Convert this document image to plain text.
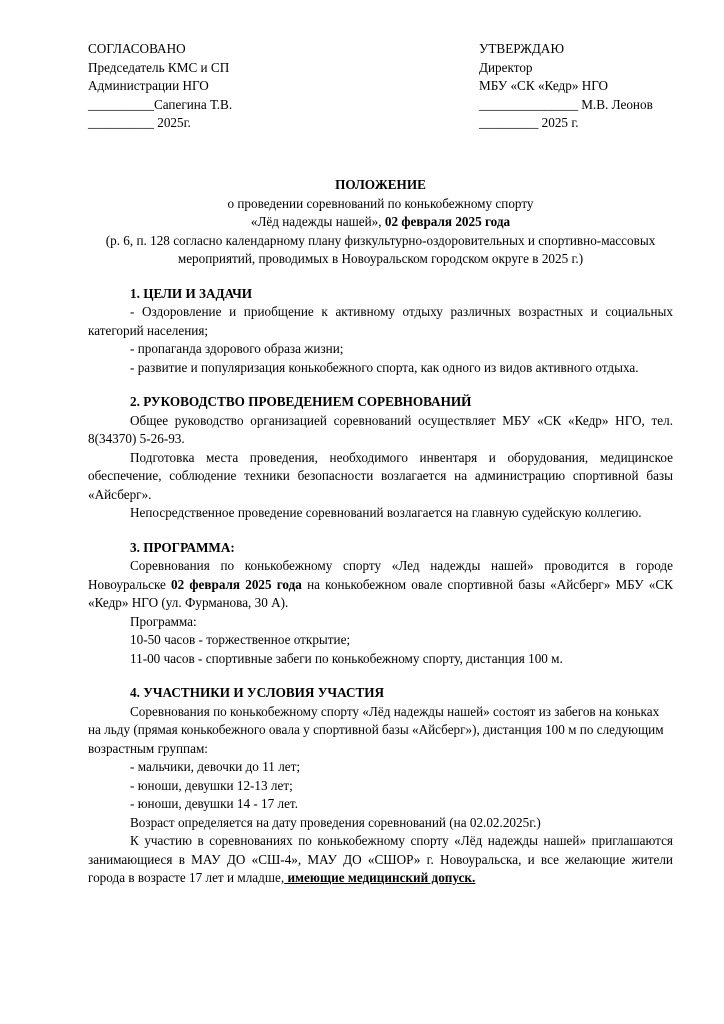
СОГЛАСОВАНО
Председатель КМС и СП
Администрации НГО
__________Сапегина Т.В.
__________ 2025г.
УТВЕРЖДАЮ
Директор
МБУ «СК «Кедр» НГО
_______________ М.В. Леонов
_________ 2025 г.
ПОЛОЖЕНИЕ
о проведении соревнований по конькобежному спорту
«Лёд надежды нашей», 02 февраля 2025 года
(р. 6, п. 128 согласно календарному плану физкультурно-оздоровительных и спортивно-массовых мероприятий, проводимых в Новоуральском городском округе в 2025 г.)

1. ЦЕЛИ И ЗАДАЧИ

- Оздоровление и приобщение к активному отдыху различных возрастных и социальных категорий населения;

- пропаганда здорового образа жизни;

- развитие и популяризация конькобежного спорта, как одного из видов активного отдыха.

2. РУКОВОДСТВО ПРОВЕДЕНИЕМ СОРЕВНОВАНИЙ

Общее руководство организацией соревнований осуществляет МБУ «СК «Кедр» НГО, тел. 8(34370) 5-26-93.

Подготовка места проведения, необходимого инвентаря и оборудования, медицинское обеспечение, соблюдение техники безопасности возлагается на администрацию спортивной базы «Айсберг».

Непосредственное проведение соревнований возлагается на главную судейскую коллегию.

3. ПРОГРАММА:

Соревнования по конькобежному спорту «Лед надежды нашей» проводится в городе Новоуральске 02 февраля 2025 года на конькобежном овале спортивной базы «Айсберг» МБУ «СК «Кедр» НГО (ул. Фурманова, 30 А).

Программа:

10-50 часов - торжественное открытие;

11-00 часов - спортивные забеги по конькобежному спорту, дистанция 100 м.

4. УЧАСТНИКИ И УСЛОВИЯ УЧАСТИЯ

Соревнования по конькобежному спорту «Лёд надежды нашей» состоят из забегов на коньках на льду (прямая конькобежного овала у спортивной базы «Айсберг»), дистанция 100 м по следующим возрастным группам:

- мальчики, девочки до 11 лет;

- юноши, девушки 12-13 лет;

- юноши, девушки 14 - 17 лет.

Возраст определяется на дату проведения соревнований (на 02.02.2025г.)

К участию в соревнованиях по конькобежному спорту «Лёд надежды нашей» приглашаются занимающиеся в МАУ ДО «СШ-4», МАУ ДО «СШОР» г. Новоуральска, и все желающие жители города в возрасте 17 лет и младше, имеющие медицинский допуск.
